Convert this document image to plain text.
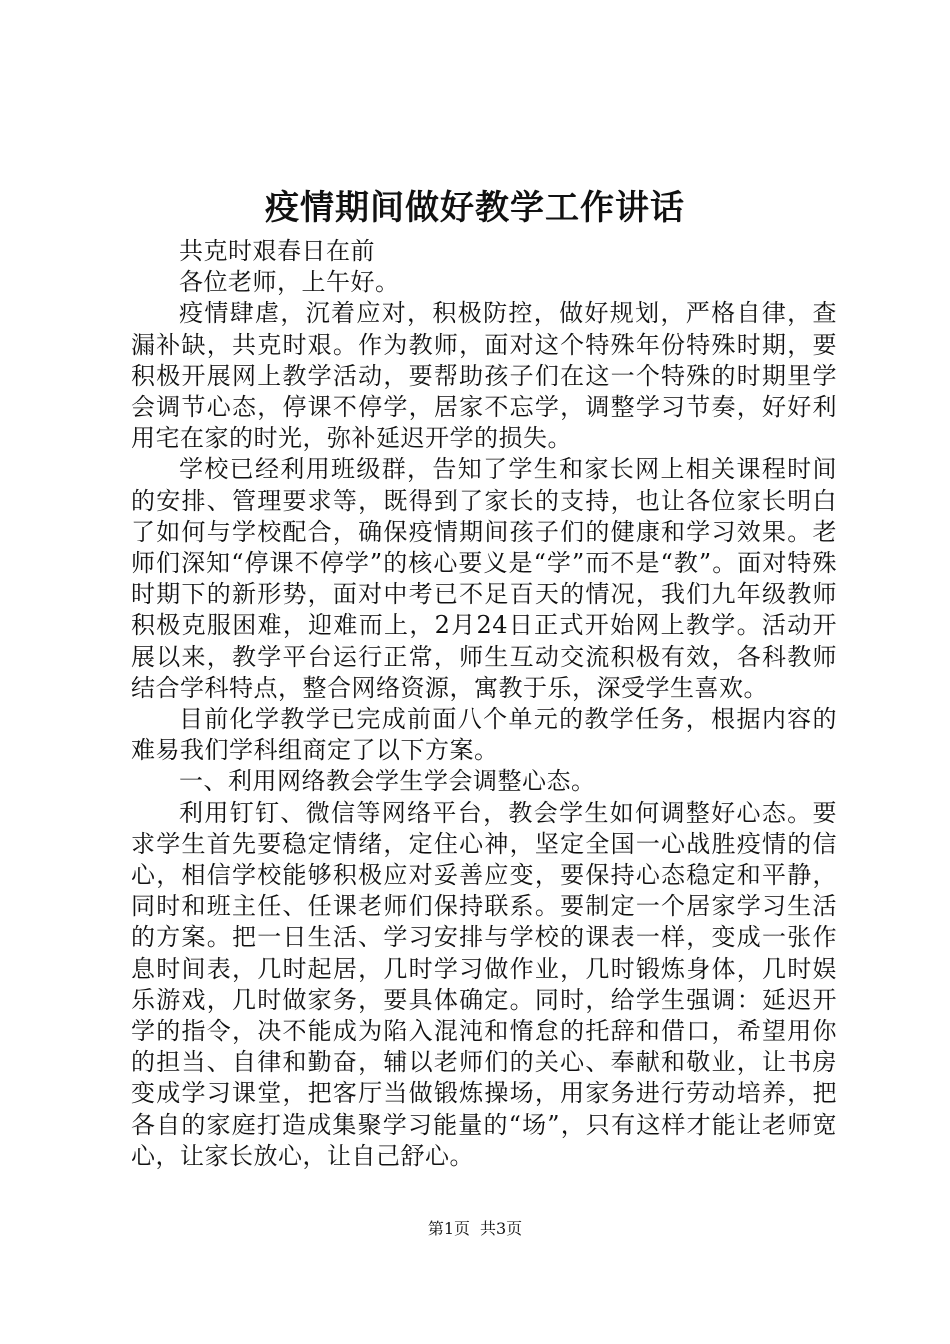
疫情期间做好教学工作讲话

共克时艰春日在前

各位老师，上午好。

疫情肆虐，沉着应对，积极防控，做好规划，严格自律，查漏补缺，共克时艰。作为教师，面对这个特殊年份特殊时期，要积极开展网上教学活动，要帮助孩子们在这一个特殊的时期里学会调节心态，停课不停学，居家不忘学，调整学习节奏，好好利用宅在家的时光，弥补延迟开学的损失。

学校已经利用班级群，告知了学生和家长网上相关课程时间的安排、管理要求等，既得到了家长的支持，也让各位家长明白了如何与学校配合，确保疫情期间孩子们的健康和学习效果。老师们深知“停课不停学”的核心要义是“学”而不是“教”。面对特殊时期下的新形势，面对中考已不足百天的情况，我们九年级教师积极克服困难，迎难而上，2月24日正式开始网上教学。活动开展以来，教学平台运行正常，师生互动交流积极有效，各科教师结合学科特点，整合网络资源，寓教于乐，深受学生喜欢。

目前化学教学已完成前面八个单元的教学任务，根据内容的难易我们学科组商定了以下方案。

一、利用网络教会学生学会调整心态。

利用钉钉、微信等网络平台，教会学生如何调整好心态。要求学生首先要稳定情绪，定住心神，坚定全国一心战胜疫情的信心，相信学校能够积极应对妥善应变，要保持心态稳定和平静，同时和班主任、任课老师们保持联系。要制定一个居家学习生活的方案。把一日生活、学习安排与学校的课表一样，变成一张作息时间表，几时起居，几时学习做作业，几时锻炼身体，几时娱乐游戏，几时做家务，要具体确定。同时，给学生强调：延迟开学的指令，决不能成为陷入混沌和惰怠的托辞和借口，希望用你的担当、自律和勤奋，辅以老师们的关心、奉献和敬业，让书房变成学习课堂，把客厅当做锻炼操场，用家务进行劳动培养，把各自的家庭打造成集聚学习能量的“场”，只有这样才能让老师宽心，让家长放心，让自己舒心。

第1页 共3页
